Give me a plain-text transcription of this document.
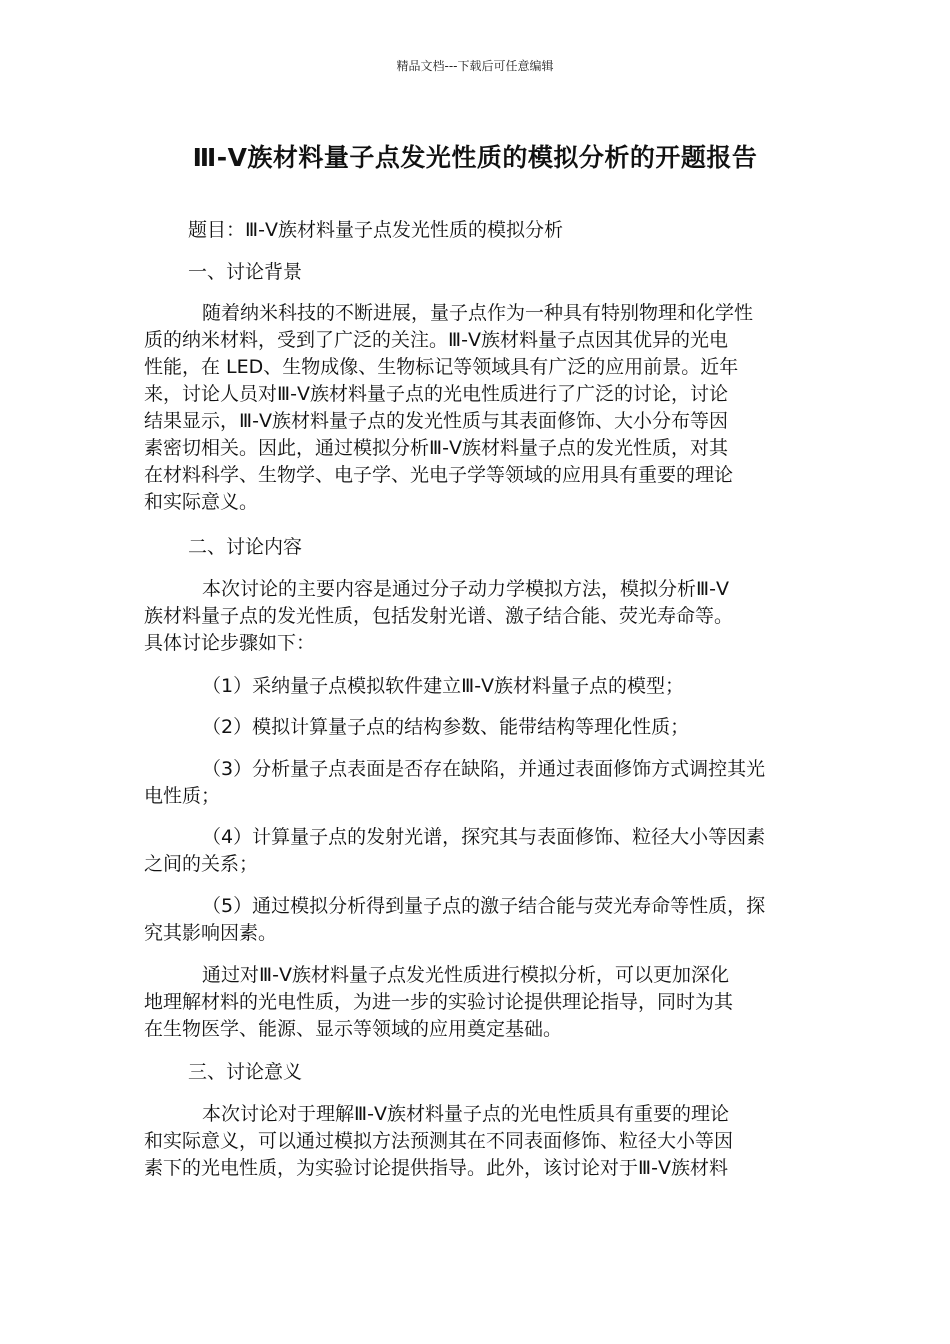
精品文档---下载后可任意编辑
Ⅲ-Ⅴ族材料量子点发光性质的模拟分析的开题报告
题目：Ⅲ-Ⅴ族材料量子点发光性质的模拟分析
一、讨论背景
随着纳米科技的不断进展，量子点作为一种具有特别物理和化学性
质的纳米材料，受到了广泛的关注。Ⅲ-Ⅴ族材料量子点因其优异的光电
性能，在 LED、生物成像、生物标记等领域具有广泛的应用前景。近年
来，讨论人员对Ⅲ-Ⅴ族材料量子点的光电性质进行了广泛的讨论，讨论
结果显示，Ⅲ-Ⅴ族材料量子点的发光性质与其表面修饰、大小分布等因
素密切相关。因此，通过模拟分析Ⅲ-Ⅴ族材料量子点的发光性质，对其
在材料科学、生物学、电子学、光电子学等领域的应用具有重要的理论
和实际意义。
二、讨论内容
本次讨论的主要内容是通过分子动力学模拟方法，模拟分析Ⅲ-Ⅴ
族材料量子点的发光性质，包括发射光谱、激子结合能、荧光寿命等。
具体讨论步骤如下：
（1）采纳量子点模拟软件建立Ⅲ-Ⅴ族材料量子点的模型；
（2）模拟计算量子点的结构参数、能带结构等理化性质；
（3）分析量子点表面是否存在缺陷，并通过表面修饰方式调控其光
电性质；
（4）计算量子点的发射光谱，探究其与表面修饰、粒径大小等因素
之间的关系；
（5）通过模拟分析得到量子点的激子结合能与荧光寿命等性质，探
究其影响因素。
通过对Ⅲ-Ⅴ族材料量子点发光性质进行模拟分析，可以更加深化
地理解材料的光电性质，为进一步的实验讨论提供理论指导，同时为其
在生物医学、能源、显示等领域的应用奠定基础。
三、讨论意义
本次讨论对于理解Ⅲ-Ⅴ族材料量子点的光电性质具有重要的理论
和实际意义，可以通过模拟方法预测其在不同表面修饰、粒径大小等因
素下的光电性质，为实验讨论提供指导。此外，该讨论对于Ⅲ-Ⅴ族材料
